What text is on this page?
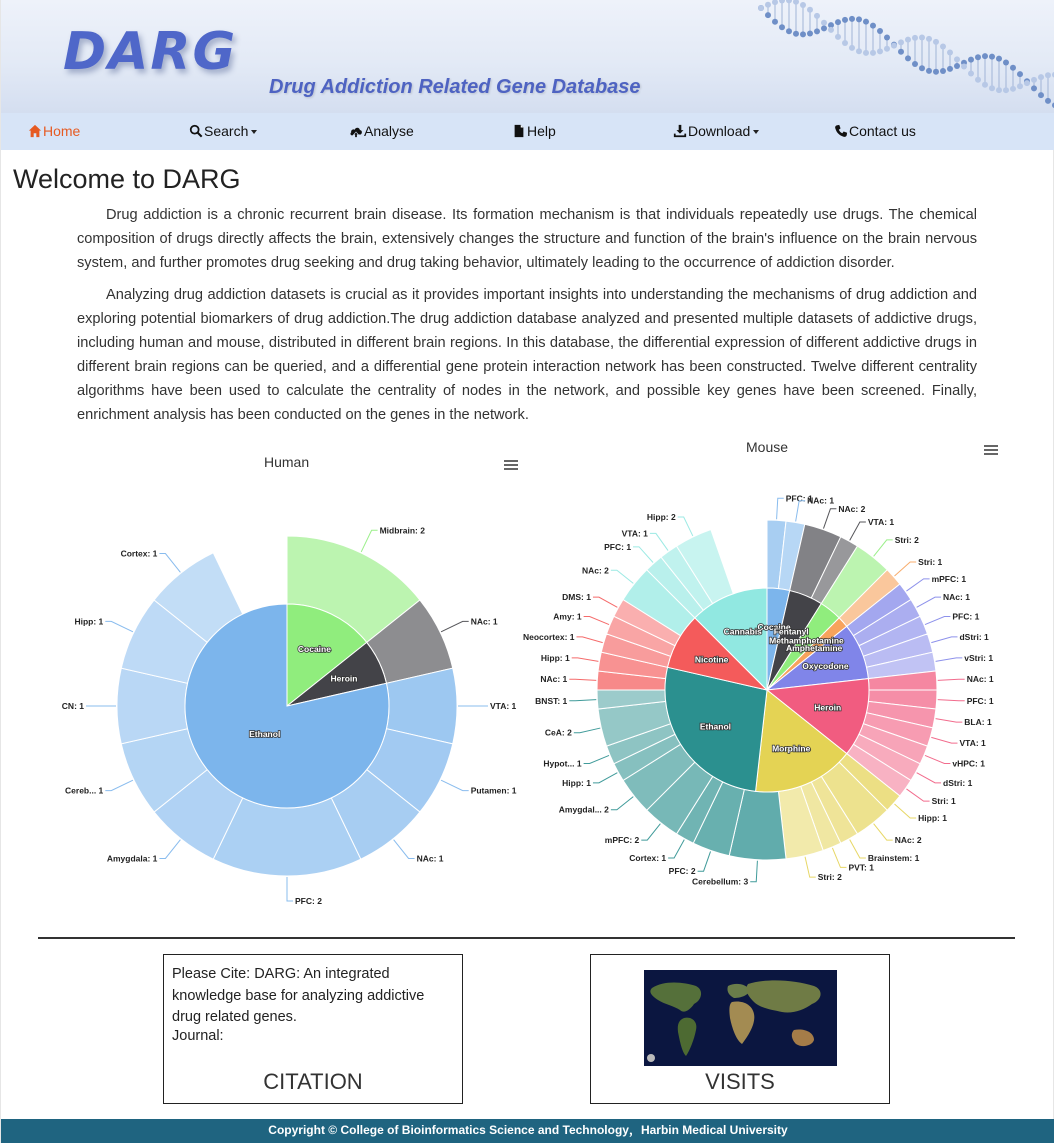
DARG
Drug Addiction Related Gene Database
Home	Search	Analyse	Help	Download	Contact us
Welcome to DARG

Drug addiction is a chronic recurrent brain disease. Its formation mechanism is that individuals repeatedly use drugs. The chemical composition of drugs directly affects the brain, extensively changes the structure and function of the brain's influence on the brain nervous system, and further promotes drug seeking and drug taking behavior, ultimately leading to the occurrence of addiction disorder.

Analyzing drug addiction datasets is crucial as it provides important insights into understanding the mechanisms of drug addiction and exploring potential biomarkers of drug addiction.The drug addiction database analyzed and presented multiple datasets of addictive drugs, including human and mouse, distributed in different brain regions. In this database, the differential expression of different addictive drugs in different brain regions can be queried, and a differential gene protein interaction network has been constructed. Twelve different centrality algorithms have been used to calculate the centrality of nodes in the network, and possible key genes have been screened. Finally, enrichment analysis has been conducted on the genes in the network.

Human
Midbrain: 2
NAc: 1
VTA: 1
Putamen: 1
NAc: 1
PFC: 2
Amygdala: 1
Cereb... 1
CN: 1
Hipp: 1
Cortex: 1
Cocaine
Heroin
Ethanol
Mouse
PFC: 1
NAc: 1
NAc: 2
VTA: 1
Stri: 2
Stri: 1
mPFC: 1
NAc: 1
PFC: 1
dStri: 1
vStri: 1
NAc: 1
PFC: 1
BLA: 1
VTA: 1
vHPC: 1
dStri: 1
Stri: 1
Hipp: 1
NAc: 2
Brainstem: 1
PVT: 1
Stri: 2
Cerebellum: 3
PFC: 2
Cortex: 1
mPFC: 2
Amygdal... 2
Hipp: 1
Hypot... 1
CeA: 2
BNST: 1
NAc: 1
Hipp: 1
Neocortex: 1
Amy: 1
DMS: 1
NAc: 2
PFC: 1
VTA: 1
Hipp: 2
Cocaine
Fentanyl
Methamphetamine
Amphetamine
Oxycodone
Heroin
Morphine
Ethanol
Nicotine
Cannabis
Please Cite: DARG: An integrated knowledge base for analyzing addictive drug related genes.
Journal:
CITATION	VISITS
Copyright © College of Bioinformatics Science and Technology，Harbin Medical University
